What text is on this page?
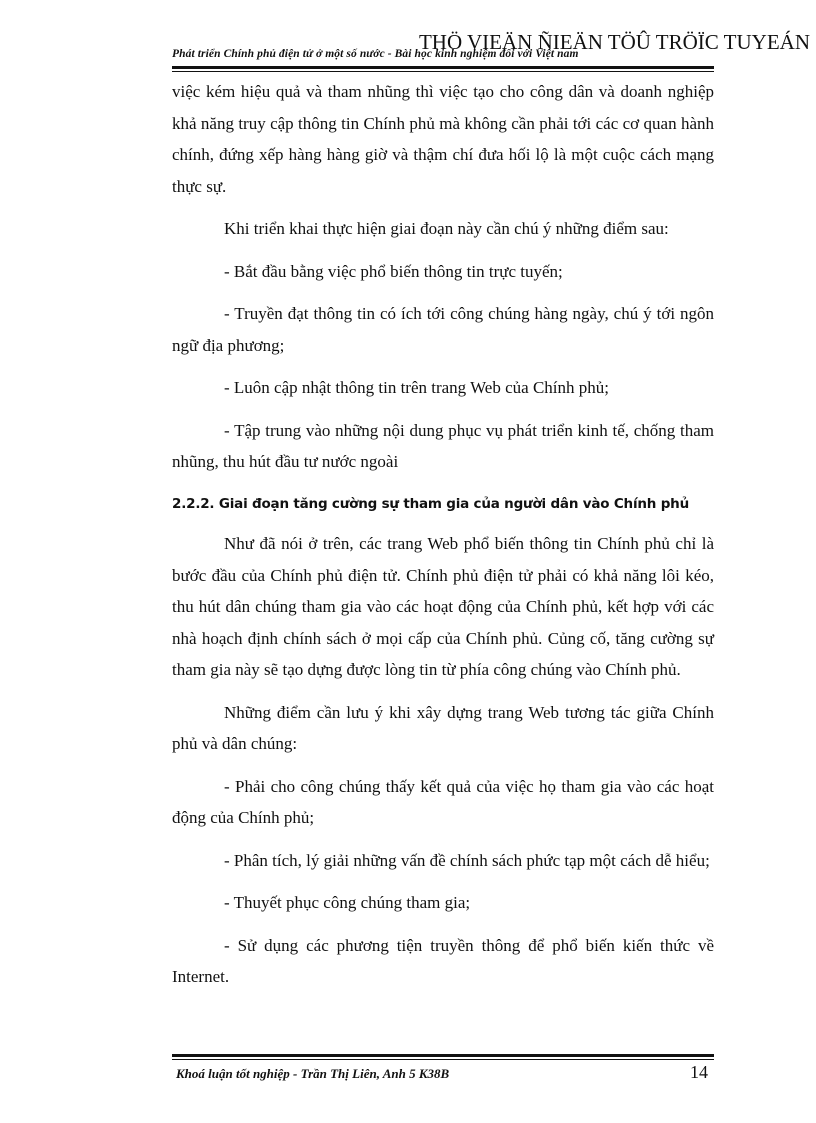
Phát triển Chính phủ điện tử ở một số nước - Bài học kinh nghiệm đối với Việt nam
THÖ VIEÄN ÑIEÄN TÖÛ TRÖÏC TUYEÁN

việc kém hiệu quả và tham nhũng thì việc tạo cho công dân và doanh nghiệp khả năng truy cập thông tin Chính phủ mà không cần phải tới các cơ quan hành chính, đứng xếp hàng hàng giờ và thậm chí đưa hối lộ là một cuộc cách mạng thực sự.

Khi triển khai thực hiện giai đoạn này cần chú ý những điểm sau:

- Bắt đầu bằng việc phổ biến thông tin trực tuyến;

- Truyền đạt thông tin có ích tới công chúng hàng ngày, chú ý tới ngôn ngữ địa phương;

- Luôn cập nhật thông tin trên trang Web của Chính phủ;

- Tập trung vào những nội dung phục vụ phát triển kinh tế, chống tham nhũng, thu hút đầu tư nước ngoài

2.2.2. Giai đoạn tăng cường sự tham gia của người dân vào Chính phủ

Như đã nói ở trên, các trang Web phổ biến thông tin Chính phủ chỉ là bước đầu của Chính phủ điện tử. Chính phủ điện tử phải có khả năng lôi kéo, thu hút dân chúng tham gia vào các hoạt động của Chính phủ, kết hợp với các nhà hoạch định chính sách ở mọi cấp của Chính phủ. Củng cố, tăng cường sự tham gia này sẽ tạo dựng được lòng tin từ phía công chúng vào Chính phủ.

Những điểm cần lưu ý khi xây dựng trang Web tương tác giữa Chính phủ và dân chúng:

- Phải cho công chúng thấy kết quả của việc họ tham gia vào các hoạt động của Chính phủ;

- Phân tích, lý giải những vấn đề chính sách phức tạp một cách dễ hiểu;

- Thuyết phục công chúng tham gia;

- Sử dụng các phương tiện truyền thông để phổ biến kiến thức về Internet.

Khoá luận tốt nghiệp - Trần Thị Liên, Anh 5 K38B	14
